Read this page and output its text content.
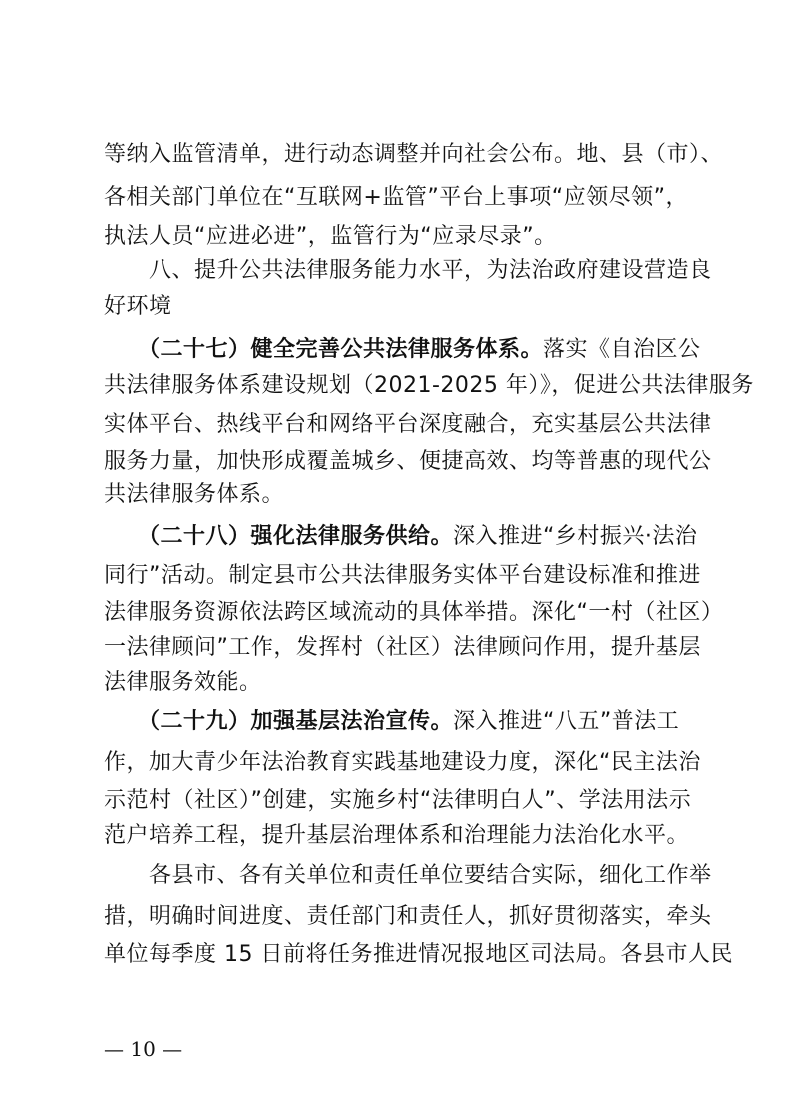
等纳入监管清单，进行动态调整并向社会公布。地、县（市）、
各相关部门单位在“互联网+监管”平台上事项“应领尽领”，
执法人员“应进必进”，监管行为“应录尽录”。
　　八、提升公共法律服务能力水平，为法治政府建设营造良
好环境
　　（二十七）健全完善公共法律服务体系。落实《自治区公
共法律服务体系建设规划（2021-2025 年）》，促进公共法律服务
实体平台、热线平台和网络平台深度融合，充实基层公共法律
服务力量，加快形成覆盖城乡、便捷高效、均等普惠的现代公
共法律服务体系。
　　（二十八）强化法律服务供给。深入推进“乡村振兴·法治
同行”活动。制定县市公共法律服务实体平台建设标准和推进
法律服务资源依法跨区域流动的具体举措。深化“一村（社区）
一法律顾问”工作，发挥村（社区）法律顾问作用，提升基层
法律服务效能。
　　（二十九）加强基层法治宣传。深入推进“八五”普法工
作，加大青少年法治教育实践基地建设力度，深化“民主法治
示范村（社区）”创建，实施乡村“法律明白人”、学法用法示
范户培养工程，提升基层治理体系和治理能力法治化水平。
　　各县市、各有关单位和责任单位要结合实际，细化工作举
措，明确时间进度、责任部门和责任人，抓好贯彻落实，牵头
单位每季度 15 日前将任务推进情况报地区司法局。各县市人民
— 10 —
